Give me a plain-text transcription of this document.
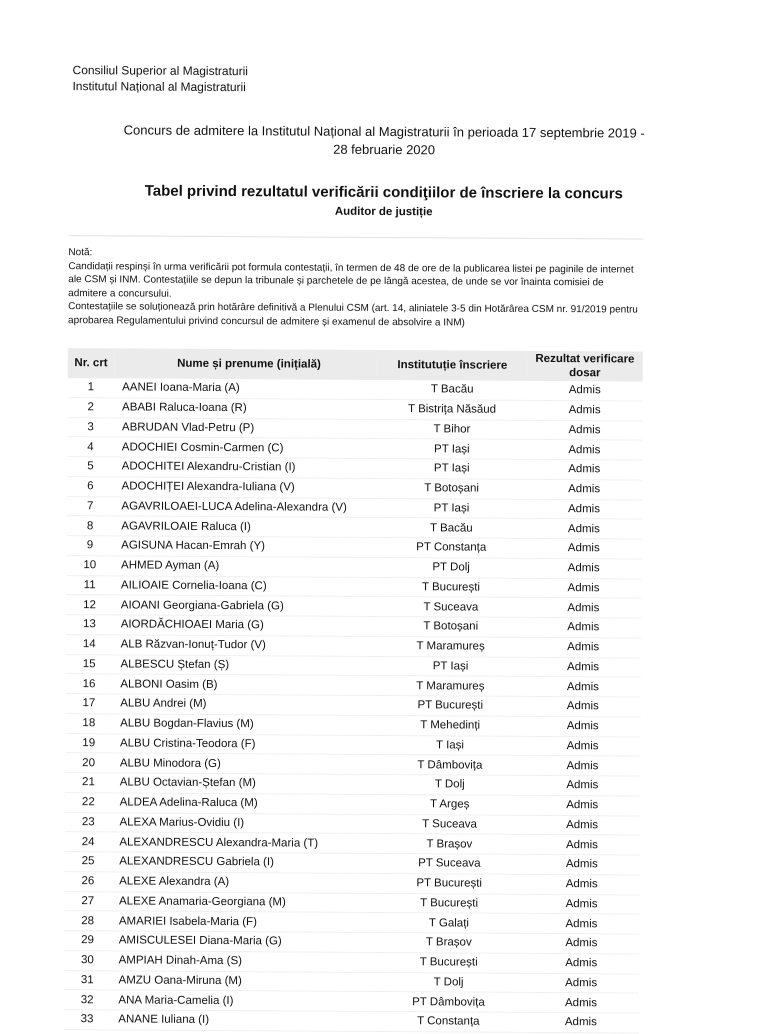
Consiliul Superior al Magistraturii
Institutul Național al Magistraturii
Concurs de admitere la Institutul Național al Magistraturii în perioada 17 septembrie 2019 -
28 februarie 2020
Tabel privind rezultatul verificării condiţiilor de înscriere la concurs
Auditor de justiție

Notă:

Candidații respinși în urma verificării pot formula contestații, în termen de 48 de ore de la publicarea listei pe paginile de internet ale CSM și INM. Contestațiile se depun la tribunale și parchetele de pe lângă acestea, de unde se vor înainta comisiei de admitere a concursului.

Contestațiile se soluționează prin hotărâre definitivă a Plenului CSM (art. 14, aliniatele 3-5 din Hotărârea CSM nr. 91/2019 pentru aprobarea Regulamentului privind concursul de admitere și examenul de absolvire a INM)

Nr. crt	Nume și prenume (inițială)	Institutuție înscriere	Rezultat verificare dosar
1	AANEI Ioana-Maria (A)	T Bacău	Admis
2	ABABI Raluca-Ioana (R)	T Bistrița Năsăud	Admis
3	ABRUDAN Vlad-Petru (P)	T Bihor	Admis
4	ADOCHIEI Cosmin-Carmen (C)	PT Iași	Admis
5	ADOCHITEI Alexandru-Cristian (I)	PT Iași	Admis
6	ADOCHIȚEI Alexandra-Iuliana (V)	T Botoșani	Admis
7	AGAVRILOAEI-LUCA Adelina-Alexandra (V)	PT Iași	Admis
8	AGAVRILOAIE Raluca (I)	T Bacău	Admis
9	AGISUNA Hacan-Emrah (Y)	PT Constanța	Admis
10	AHMED Ayman (A)	PT Dolj	Admis
11	AILIOAIE Cornelia-Ioana (C)	T București	Admis
12	AIOANI Georgiana-Gabriela (G)	T Suceava	Admis
13	AIORDĂCHIOAEI Maria (G)	T Botoșani	Admis
14	ALB Răzvan-Ionuț-Tudor (V)	T Maramureș	Admis
15	ALBESCU Ștefan (Ș)	PT Iași	Admis
16	ALBONI Oasim (B)	T Maramureș	Admis
17	ALBU Andrei (M)	PT București	Admis
18	ALBU Bogdan-Flavius (M)	T Mehedinți	Admis
19	ALBU Cristina-Teodora (F)	T Iași	Admis
20	ALBU Minodora (G)	T Dâmbovița	Admis
21	ALBU Octavian-Ștefan (M)	T Dolj	Admis
22	ALDEA Adelina-Raluca (M)	T Argeș	Admis
23	ALEXA Marius-Ovidiu (I)	T Suceava	Admis
24	ALEXANDRESCU Alexandra-Maria (T)	T Brașov	Admis
25	ALEXANDRESCU Gabriela (I)	PT Suceava	Admis
26	ALEXE Alexandra (A)	PT București	Admis
27	ALEXE Anamaria-Georgiana (M)	T București	Admis
28	AMARIEI Isabela-Maria (F)	T Galați	Admis
29	AMISCULESEI Diana-Maria (G)	T Brașov	Admis
30	AMPIAH Dinah-Ama (S)	T București	Admis
31	AMZU Oana-Miruna (M)	T Dolj	Admis
32	ANA Maria-Camelia (I)	PT Dâmbovița	Admis
33	ANANE Iuliana (I)	T Constanța	Admis
